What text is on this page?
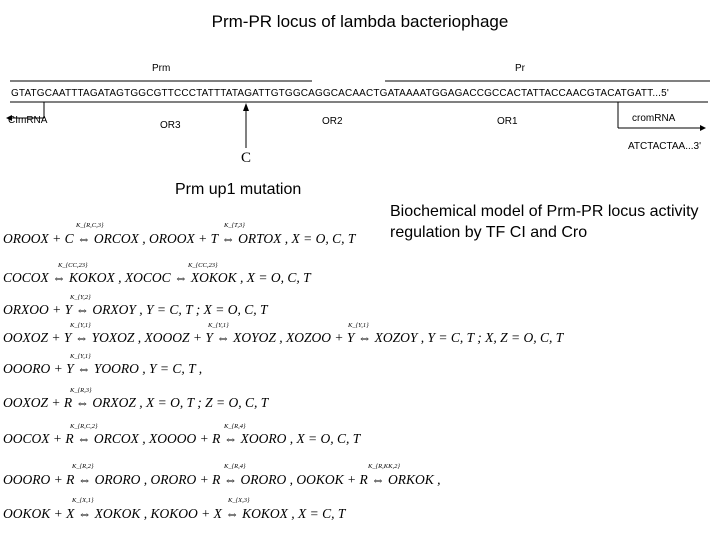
Prm-PR locus of lambda bacteriophage
Prm	Pr
GTATGCAATTTAGATAGTGGCGTTCCCTATTTATAGATTGTGGCAGGCACAACTGATAAAATGGAGACCGCCACTATTACCAACGTACATGATT...5'
CImRNA	OR3	OR2	OR1	cromRNA
ATCTACTAA...3'
C
Prm up1 mutation
Biochemical model of Prm-PR locus activity regulation by TF CI and Cro
K_{R,C,3}	K_{T,3}
OROOX + C ⇔ ORCOX , OROOX + T ⇔ ORTOX , X = O, C, T
K_{CC,23}	K_{CC,23}
COCOX ⇔ KOKOX , XOCOC ⇔ XOKOK , X = O, C, T
K_{Y,2}
ORXOO + Y ⇔ ORXOY , Y = C, T ; X = O, C, T
K_{Y,1}	K_{Y,1}	K_{Y,1}
OOXOZ + Y ⇔ YOXOZ , XOOOZ + Y ⇔ XOYOZ , XOZOO + Y ⇔ XOZOY , Y = C, T ; X, Z = O, C, T
K_{Y,1}
OOORO + Y ⇔ YOORO , Y = C, T ,
K_{R,3}
OOXOZ + R ⇔ ORXOZ , X = O, T ; Z = O, C, T
K_{R,C,2}	K_{R,4}
OOCOX + R ⇔ ORCOX , XOOOO + R ⇔ XOORO , X = O, C, T
K_{R,2}	K_{R,4}	K_{R,KK,2}
OOORO + R ⇔ ORORO , ORORO + R ⇔ ORORO , OOKOK + R ⇔ ORKOK ,
K_{X,1}	K_{X,3}
OOKOK + X ⇔ XOKOK , KOKOO + X ⇔ KOKOX , X = C, T
